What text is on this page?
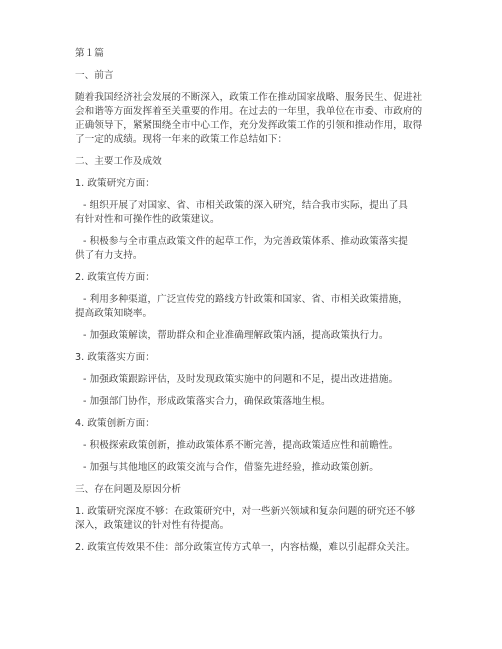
第１篇
一、前言
随着我国经济社会发展的不断深入，政策工作在推动国家战略、服务民生、促进社
会和谐等方面发挥着至关重要的作用。在过去的一年里，我单位在市委、市政府的
正确领导下，紧紧围绕全市中心工作，充分发挥政策工作的引领和推动作用，取得
了一定的成绩。现将一年来的政策工作总结如下：
二、主要工作及成效
1. 政策研究方面：
- 组织开展了对国家、省、市相关政策的深入研究，结合我市实际，提出了具
有针对性和可操作性的政策建议。
- 积极参与全市重点政策文件的起草工作，为完善政策体系、推动政策落实提
供了有力支持。
2. 政策宣传方面：
- 利用多种渠道，广泛宣传党的路线方针政策和国家、省、市相关政策措施，
提高政策知晓率。
- 加强政策解读，帮助群众和企业准确理解政策内涵，提高政策执行力。
3. 政策落实方面：
- 加强政策跟踪评估，及时发现政策实施中的问题和不足，提出改进措施。
- 加强部门协作，形成政策落实合力，确保政策落地生根。
4. 政策创新方面：
- 积极探索政策创新，推动政策体系不断完善，提高政策适应性和前瞻性。
- 加强与其他地区的政策交流与合作，借鉴先进经验，推动政策创新。
三、存在问题及原因分析
1. 政策研究深度不够：在政策研究中，对一些新兴领域和复杂问题的研究还不够
深入，政策建议的针对性有待提高。
2. 政策宣传效果不佳：部分政策宣传方式单一，内容枯燥，难以引起群众关注。
